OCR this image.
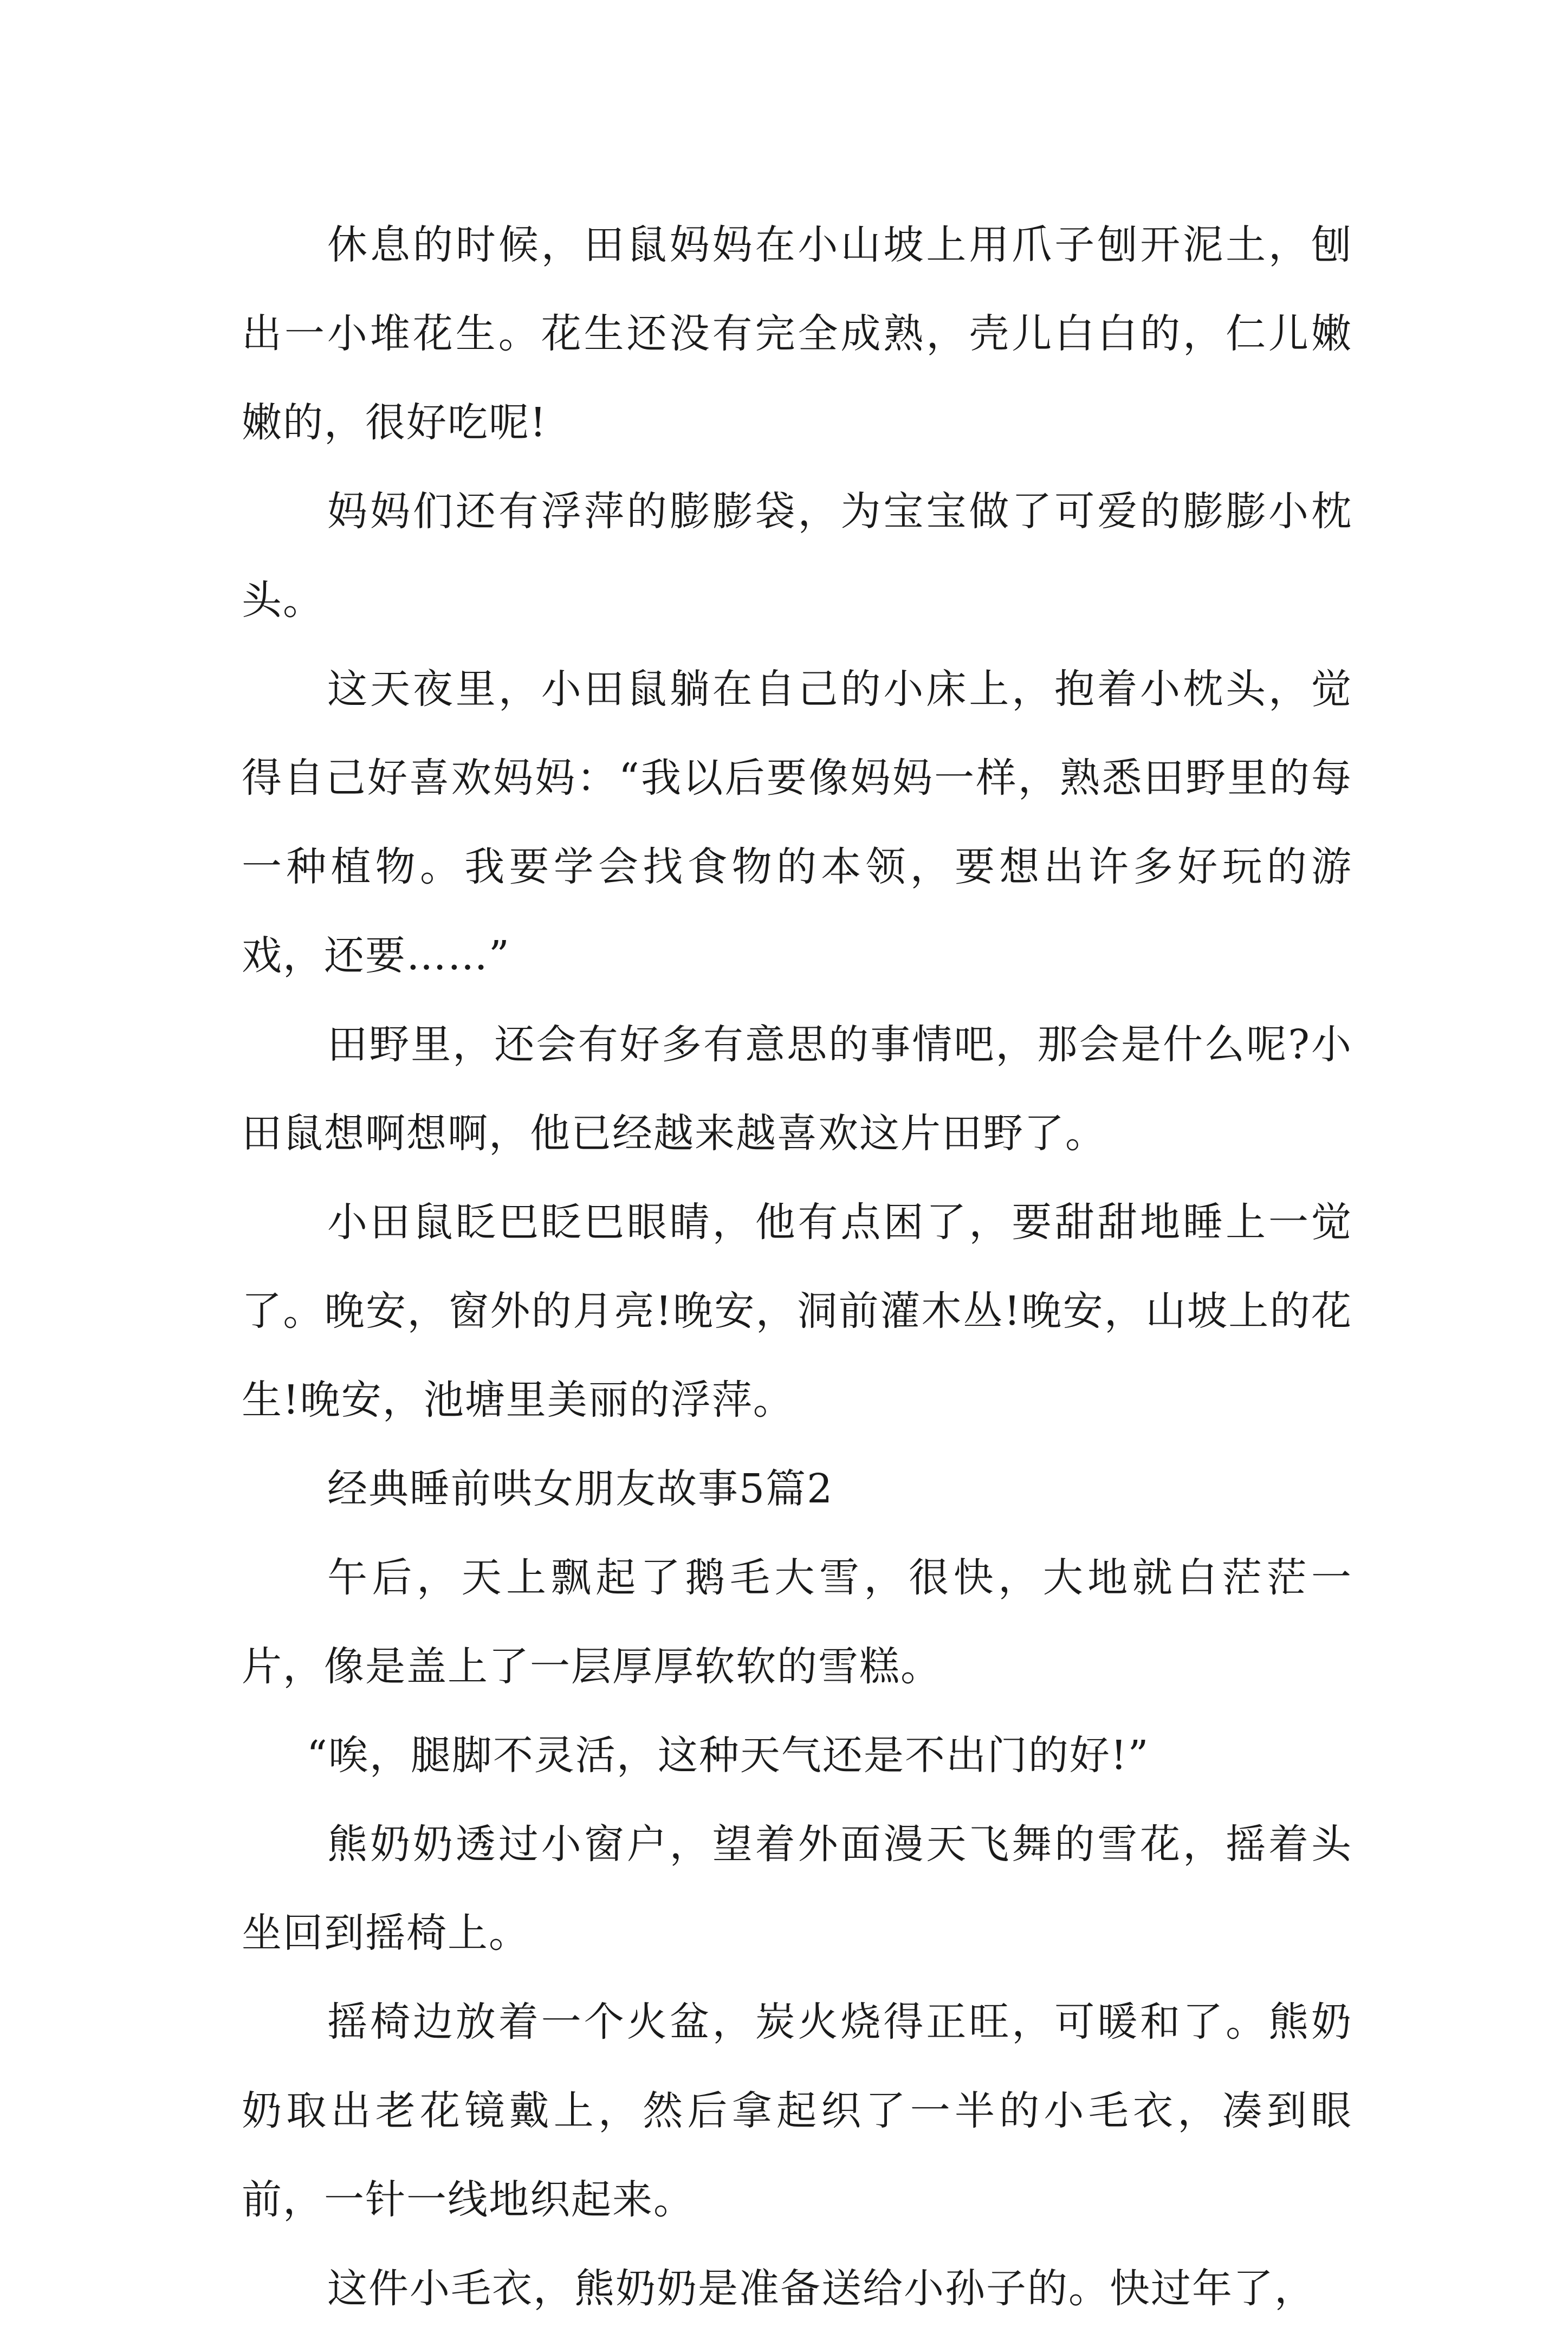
休息的时候，田鼠妈妈在小山坡上用爪子刨开泥土，刨出一小堆花生。花生还没有完全成熟，壳儿白白的，仁儿嫩嫩的，很好吃呢!

妈妈们还有浮萍的膨膨袋，为宝宝做了可爱的膨膨小枕头。

这天夜里，小田鼠躺在自己的小床上，抱着小枕头，觉得自己好喜欢妈妈：“我以后要像妈妈一样，熟悉田野里的每一种植物。我要学会找食物的本领，要想出许多好玩的游戏，还要……”

田野里，还会有好多有意思的事情吧，那会是什么呢?小田鼠想啊想啊，他已经越来越喜欢这片田野了。

小田鼠眨巴眨巴眼睛，他有点困了，要甜甜地睡上一觉了。晚安，窗外的月亮!晚安，洞前灌木丛!晚安，山坡上的花生!晚安，池塘里美丽的浮萍。

经典睡前哄女朋友故事5篇2

午后，天上飘起了鹅毛大雪，很快，大地就白茫茫一片，像是盖上了一层厚厚软软的雪糕。

“唉，腿脚不灵活，这种天气还是不出门的好!”

熊奶奶透过小窗户，望着外面漫天飞舞的雪花，摇着头坐回到摇椅上。

摇椅边放着一个火盆，炭火烧得正旺，可暖和了。熊奶奶取出老花镜戴上，然后拿起织了一半的小毛衣，凑到眼前，一针一线地织起来。

这件小毛衣，熊奶奶是准备送给小孙子的。快过年了，
